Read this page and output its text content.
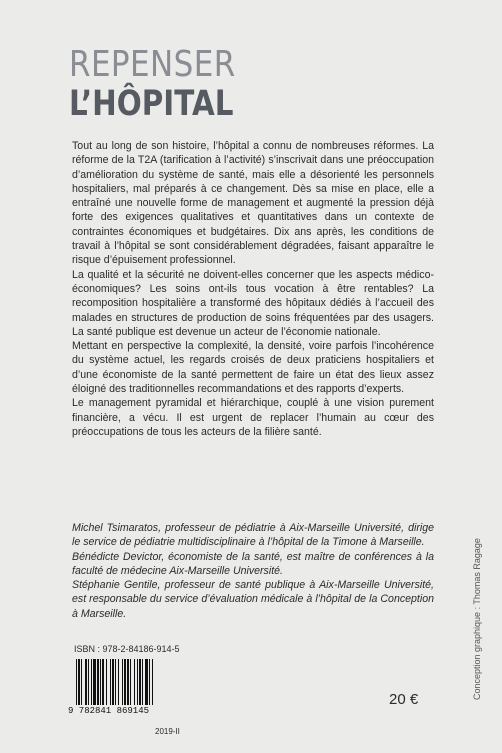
REPENSER
L’HÔPITAL

Tout au long de son histoire, l’hôpital a connu de nombreuses réformes. La réforme de la T2A (tarification à l’activité) s’inscrivait dans une préoccupation d’amélioration du système de santé, mais elle a désorienté les personnels hospitaliers, mal préparés à ce changement. Dès sa mise en place, elle a entraîné une nouvelle forme de management et augmenté la pression déjà forte des exigences qualitatives et quantitatives dans un contexte de contraintes économiques et budgétaires. Dix ans après, les conditions de travail à l’hôpital se sont considérablement dégradées, faisant apparaître le risque d’épuisement professionnel.

La qualité et la sécurité ne doivent-elles concerner que les aspects médico-économiques? Les soins ont-ils tous vocation à être rentables? La recomposition hospitalière a transformé des hôpitaux dédiés à l’accueil des malades en structures de production de soins fréquentées par des usagers. La santé publique est devenue un acteur de l’économie nationale.

Mettant en perspective la complexité, la densité, voire parfois l’incohérence du système actuel, les regards croisés de deux praticiens hospitaliers et d’une économiste de la santé permettent de faire un état des lieux assez éloigné des traditionnelles recommandations et des rapports d’experts.

Le management pyramidal et hiérarchique, couplé à une vision purement financière, a vécu. Il est urgent de replacer l’humain au cœur des préoccupations de tous les acteurs de la filière santé.

Michel Tsimaratos, professeur de pédiatrie à Aix-Marseille Université, dirige le service de pédiatrie multidisciplinaire à l’hôpital de la Timone à Marseille.

Bénédicte Devictor, économiste de la santé, est maître de conférences à la faculté de médecine Aix-Marseille Université.

Stéphanie Gentile, professeur de santé publique à Aix-Marseille Université, est responsable du service d’évaluation médicale à l’hôpital de la Conception à Marseille.

ISBN : 978-2-84186-914-5
9 782841 869145
20 €
2019-II
Conception graphique : Thomas Ragage
